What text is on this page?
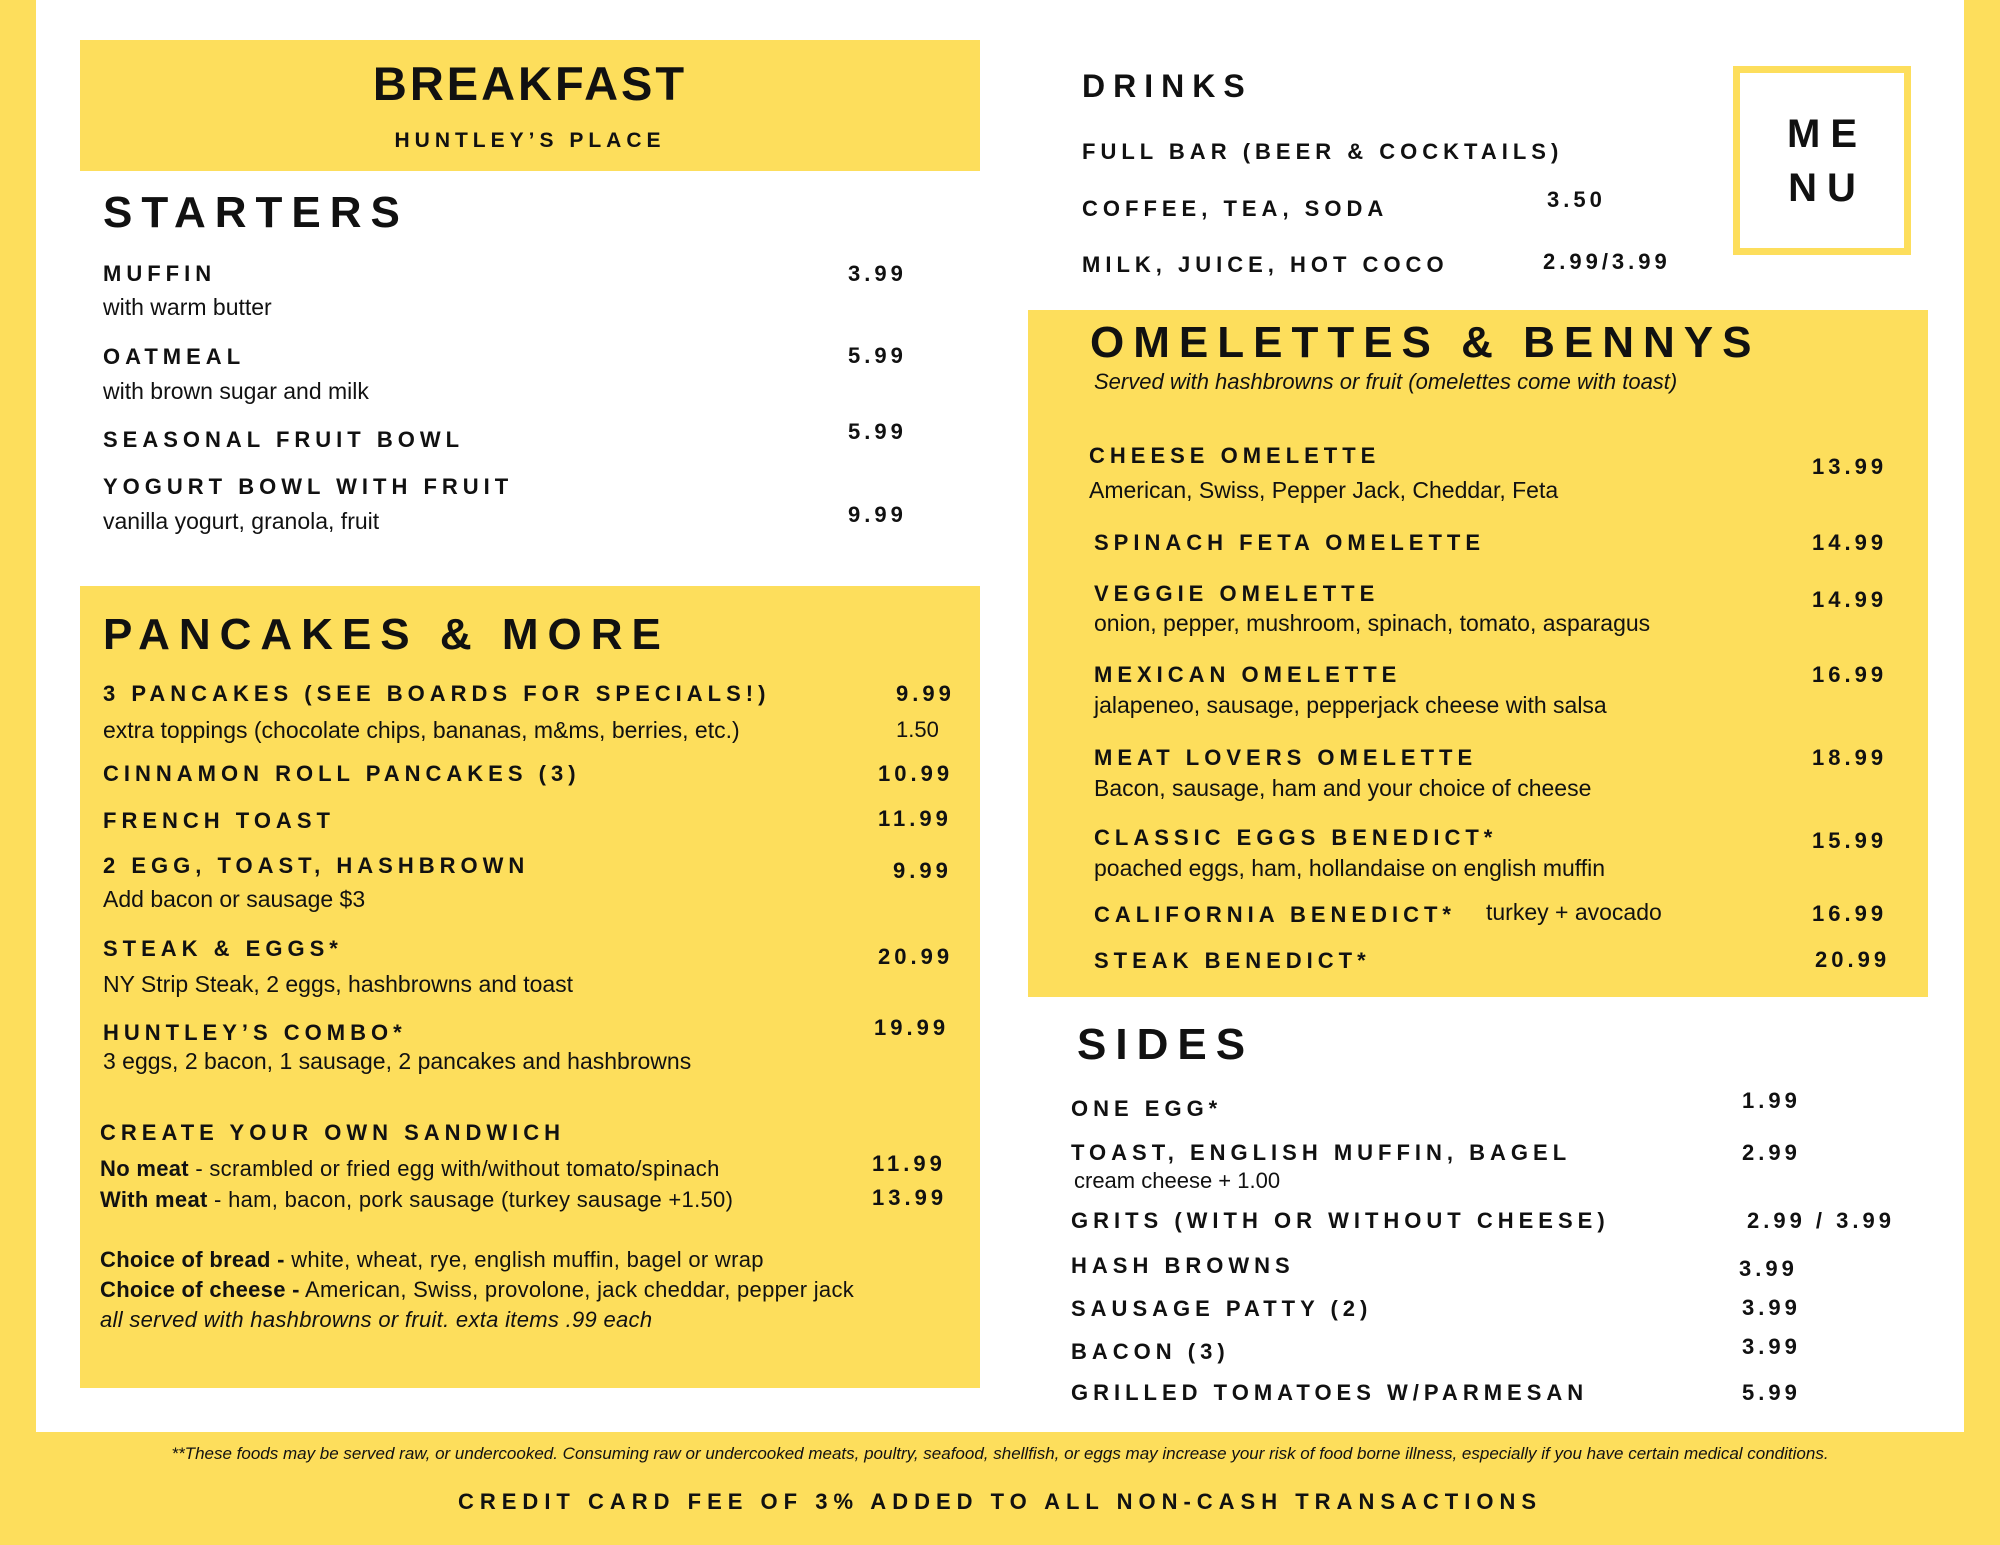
BREAKFAST
HUNTLEY’S PLACE
STARTERS
MUFFIN
with warm butter
3.99
OATMEAL
with brown sugar and milk
5.99
SEASONAL FRUIT BOWL	5.99
YOGURT BOWL WITH FRUIT
vanilla yogurt, granola, fruit	9.99
PANCAKES & MORE
3 PANCAKES (SEE BOARDS FOR SPECIALS!)	9.99
extra toppings (chocolate chips, bananas, m&ms, berries, etc.)	1.50
CINNAMON ROLL PANCAKES (3)	10.99
FRENCH TOAST	11.99
2 EGG, TOAST, HASHBROWN	9.99
Add bacon or sausage $3
STEAK & EGGS*	20.99
NY Strip Steak, 2 eggs, hashbrowns and toast
HUNTLEY’S COMBO*	19.99
3 eggs, 2 bacon, 1 sausage, 2 pancakes and hashbrowns
CREATE YOUR OWN SANDWICH
No meat - scrambled or fried egg with/without tomato/spinach	11.99
With meat - ham, bacon, pork sausage (turkey sausage +1.50)	13.99
Choice of bread - white, wheat, rye, english muffin, bagel or wrap
Choice of cheese - American, Swiss, provolone, jack cheddar, pepper jack
all served with hashbrowns or fruit. exta items .99 each
DRINKS
FULL BAR (BEER & COCKTAILS)
COFFEE, TEA, SODA	3.50
MILK, JUICE, HOT COCO	2.99/3.99
ME
NU
OMELETTES & BENNYS
Served with hashbrowns or fruit (omelettes come with toast)
CHEESE OMELETTE
American, Swiss, Pepper Jack, Cheddar, Feta
13.99
SPINACH FETA OMELETTE	14.99
VEGGIE OMELETTE
onion, pepper, mushroom, spinach, tomato, asparagus
14.99
MEXICAN OMELETTE
jalapeneo, sausage, pepperjack cheese with salsa
16.99
MEAT LOVERS OMELETTE
Bacon, sausage, ham and your choice of cheese
18.99
CLASSIC EGGS BENEDICT*
poached eggs, ham, hollandaise on english muffin
15.99
CALIFORNIA BENEDICT* turkey + avocado	16.99
STEAK BENEDICT*	20.99
SIDES
ONE EGG*	1.99
TOAST, ENGLISH MUFFIN, BAGEL
cream cheese + 1.00
2.99
GRITS (WITH OR WITHOUT CHEESE)	2.99 / 3.99
HASH BROWNS	3.99
SAUSAGE PATTY (2)	3.99
BACON (3)	3.99
GRILLED TOMATOES W/PARMESAN	5.99
**These foods may be served raw, or undercooked. Consuming raw or undercooked meats, poultry, seafood, shellfish, or eggs may increase your risk of food borne illness, especially if you have certain medical conditions.
CREDIT CARD FEE OF 3% ADDED TO ALL NON-CASH TRANSACTIONS
